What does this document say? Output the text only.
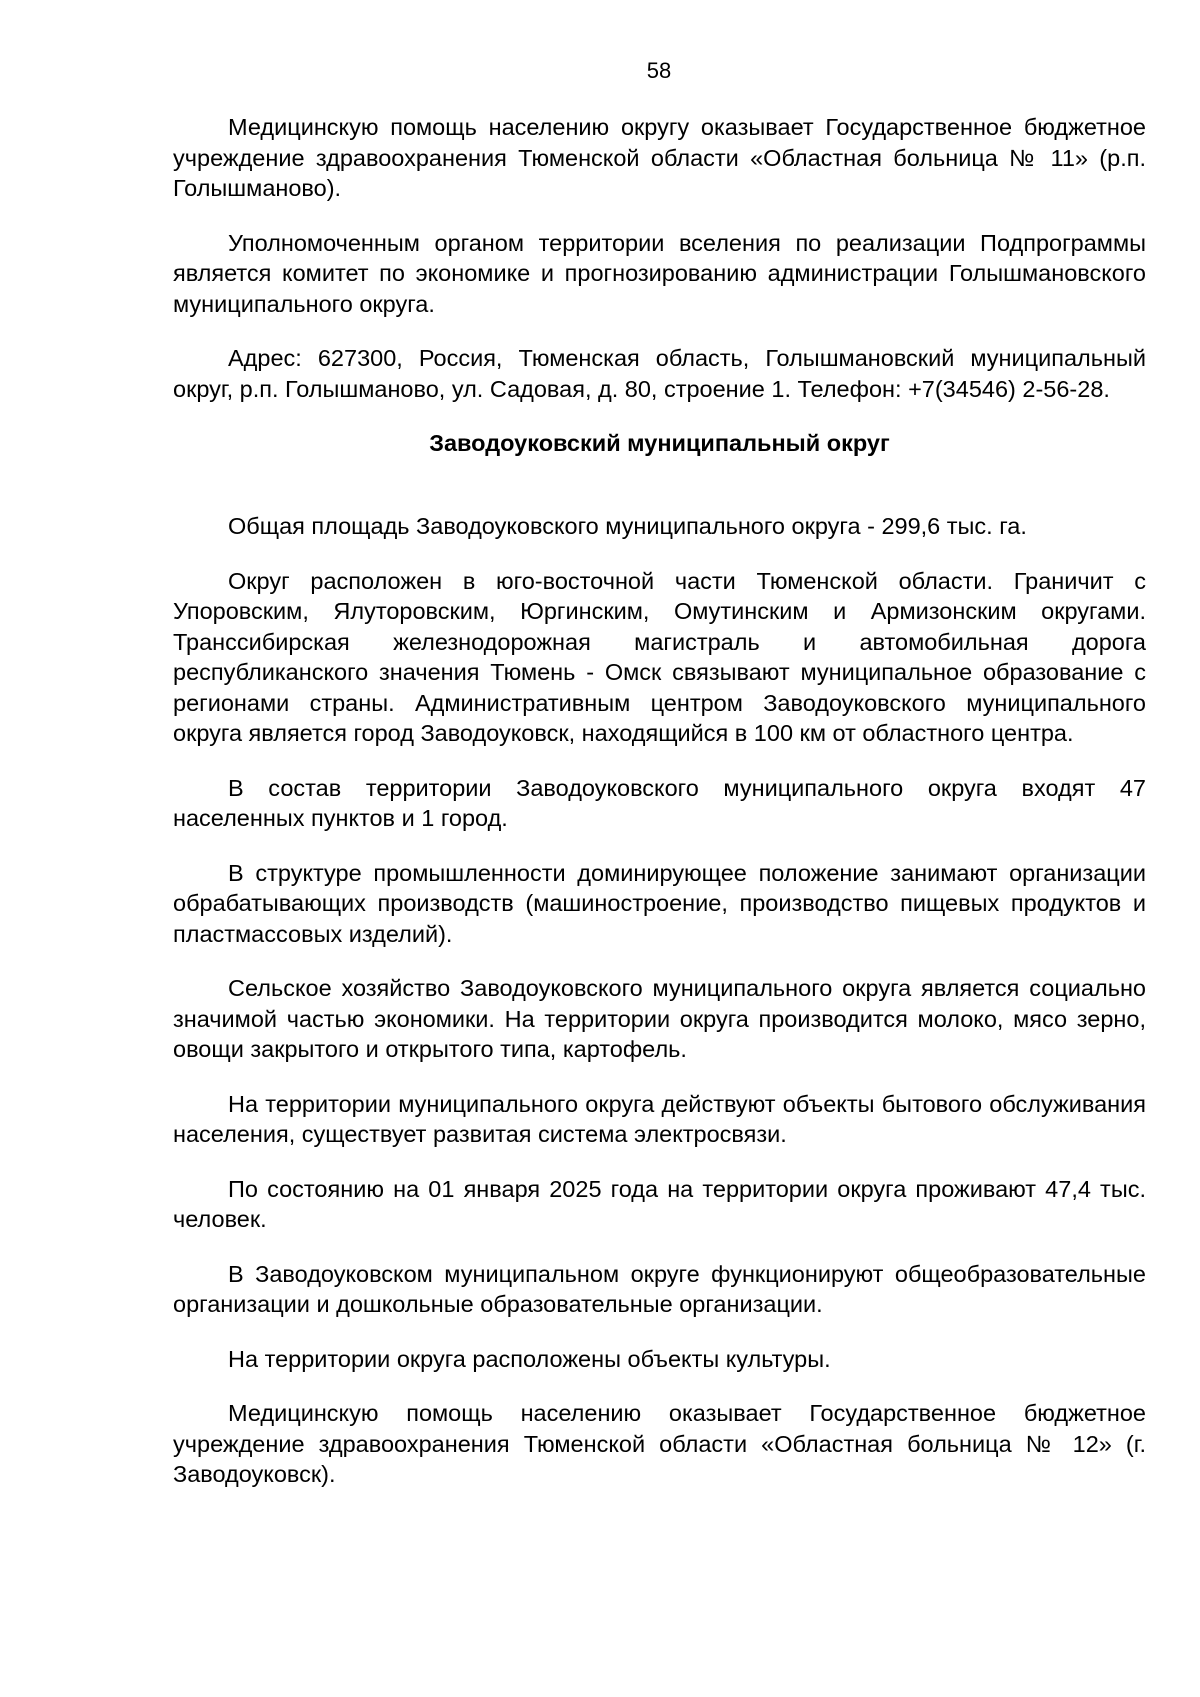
58

Медицинскую помощь населению округу оказывает Государственное бюджетное учреждение здравоохранения Тюменской области «Областная больница № 11» (р.п. Голышманово).

Уполномоченным органом территории вселения по реализации Подпрограммы является комитет по экономике и прогнозированию администрации Голышмановского муниципального округа.

Адрес: 627300, Россия, Тюменская область, Голышмановский муниципальный округ, р.п. Голышманово, ул. Садовая, д. 80, строение 1. Телефон: +7(34546) 2-56-28.

Заводоуковский муниципальный округ

Общая площадь Заводоуковского муниципального округа - 299,6 тыс. га.

Округ расположен в юго-восточной части Тюменской области. Граничит с Упоровским, Ялуторовским, Юргинским, Омутинским и Армизонским округами. Транссибирская железнодорожная магистраль и автомобильная дорога республиканского значения Тюмень - Омск связывают муниципальное образование с регионами страны. Административным центром Заводоуковского муниципального округа является город Заводоуковск, находящийся в 100 км от областного центра.

В состав территории Заводоуковского муниципального округа входят 47 населенных пунктов и 1 город.

В структуре промышленности доминирующее положение занимают организации обрабатывающих производств (машиностроение, производство пищевых продуктов и пластмассовых изделий).

Сельское хозяйство Заводоуковского муниципального округа является социально значимой частью экономики. На территории округа производится молоко, мясо зерно, овощи закрытого и открытого типа, картофель.

На территории муниципального округа действуют объекты бытового обслуживания населения, существует развитая система электросвязи.

По состоянию на 01 января 2025 года на территории округа проживают 47,4 тыс. человек.

В Заводоуковском муниципальном округе функционируют общеобразовательные организации и дошкольные образовательные организации.

На территории округа расположены объекты культуры.

Медицинскую помощь населению оказывает Государственное бюджетное учреждение здравоохранения Тюменской области «Областная больница № 12» (г. Заводоуковск).
